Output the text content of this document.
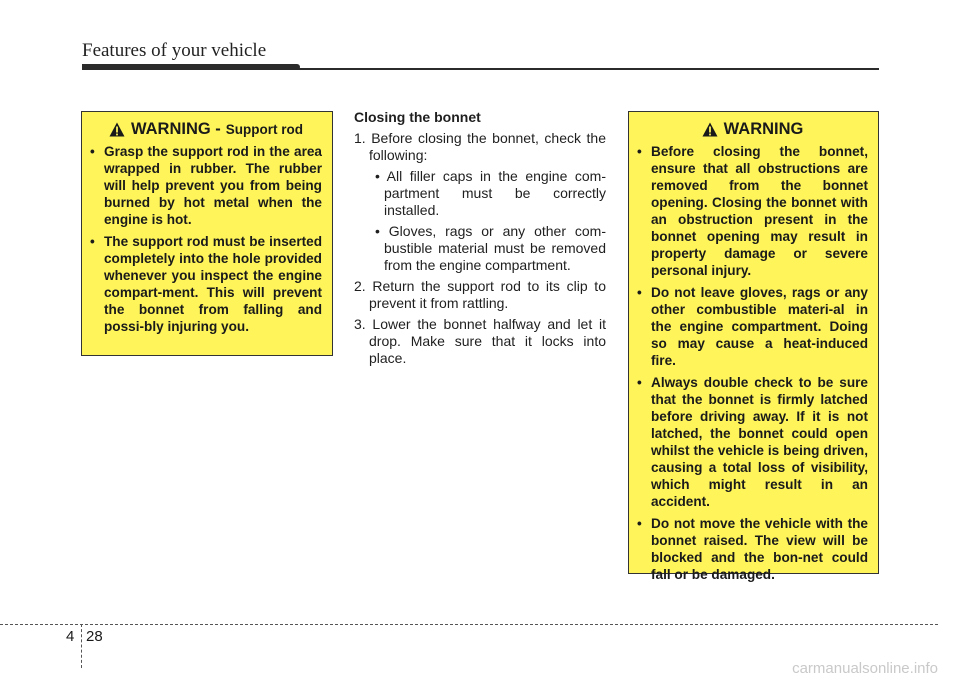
Features of your vehicle
WARNING - Support rod
• Grasp the support rod in the area wrapped in rubber. The rubber will help prevent you from being burned by hot metal when the engine is hot.
• The support rod must be inserted completely into the hole provided whenever you inspect the engine compart-ment. This will prevent the bonnet from falling and possi-bly injuring you.
Closing the bonnet
1. Before closing the bonnet, check the following:
• All filler caps in the engine com-partment must be correctly installed.
• Gloves, rags or any other com-bustible material must be removed from the engine compartment.
2. Return the support rod to its clip to prevent it from rattling.
3. Lower the bonnet halfway and let it drop. Make sure that it locks into place.
WARNING
• Before closing the bonnet, ensure that all obstructions are removed from the bonnet opening. Closing the bonnet with an obstruction present in the bonnet opening may result in property damage or severe personal injury.
• Do not leave gloves, rags or any other combustible materi-al in the engine compartment. Doing so may cause a heat-induced fire.
• Always double check to be sure that the bonnet is firmly latched before driving away. If it is not latched, the bonnet could open whilst the vehicle is being driven, causing a total loss of visibility, which might result in an accident.
• Do not move the vehicle with the bonnet raised. The view will be blocked and the bon-net could fall or be damaged.
4 28
carmanualsonline.info
